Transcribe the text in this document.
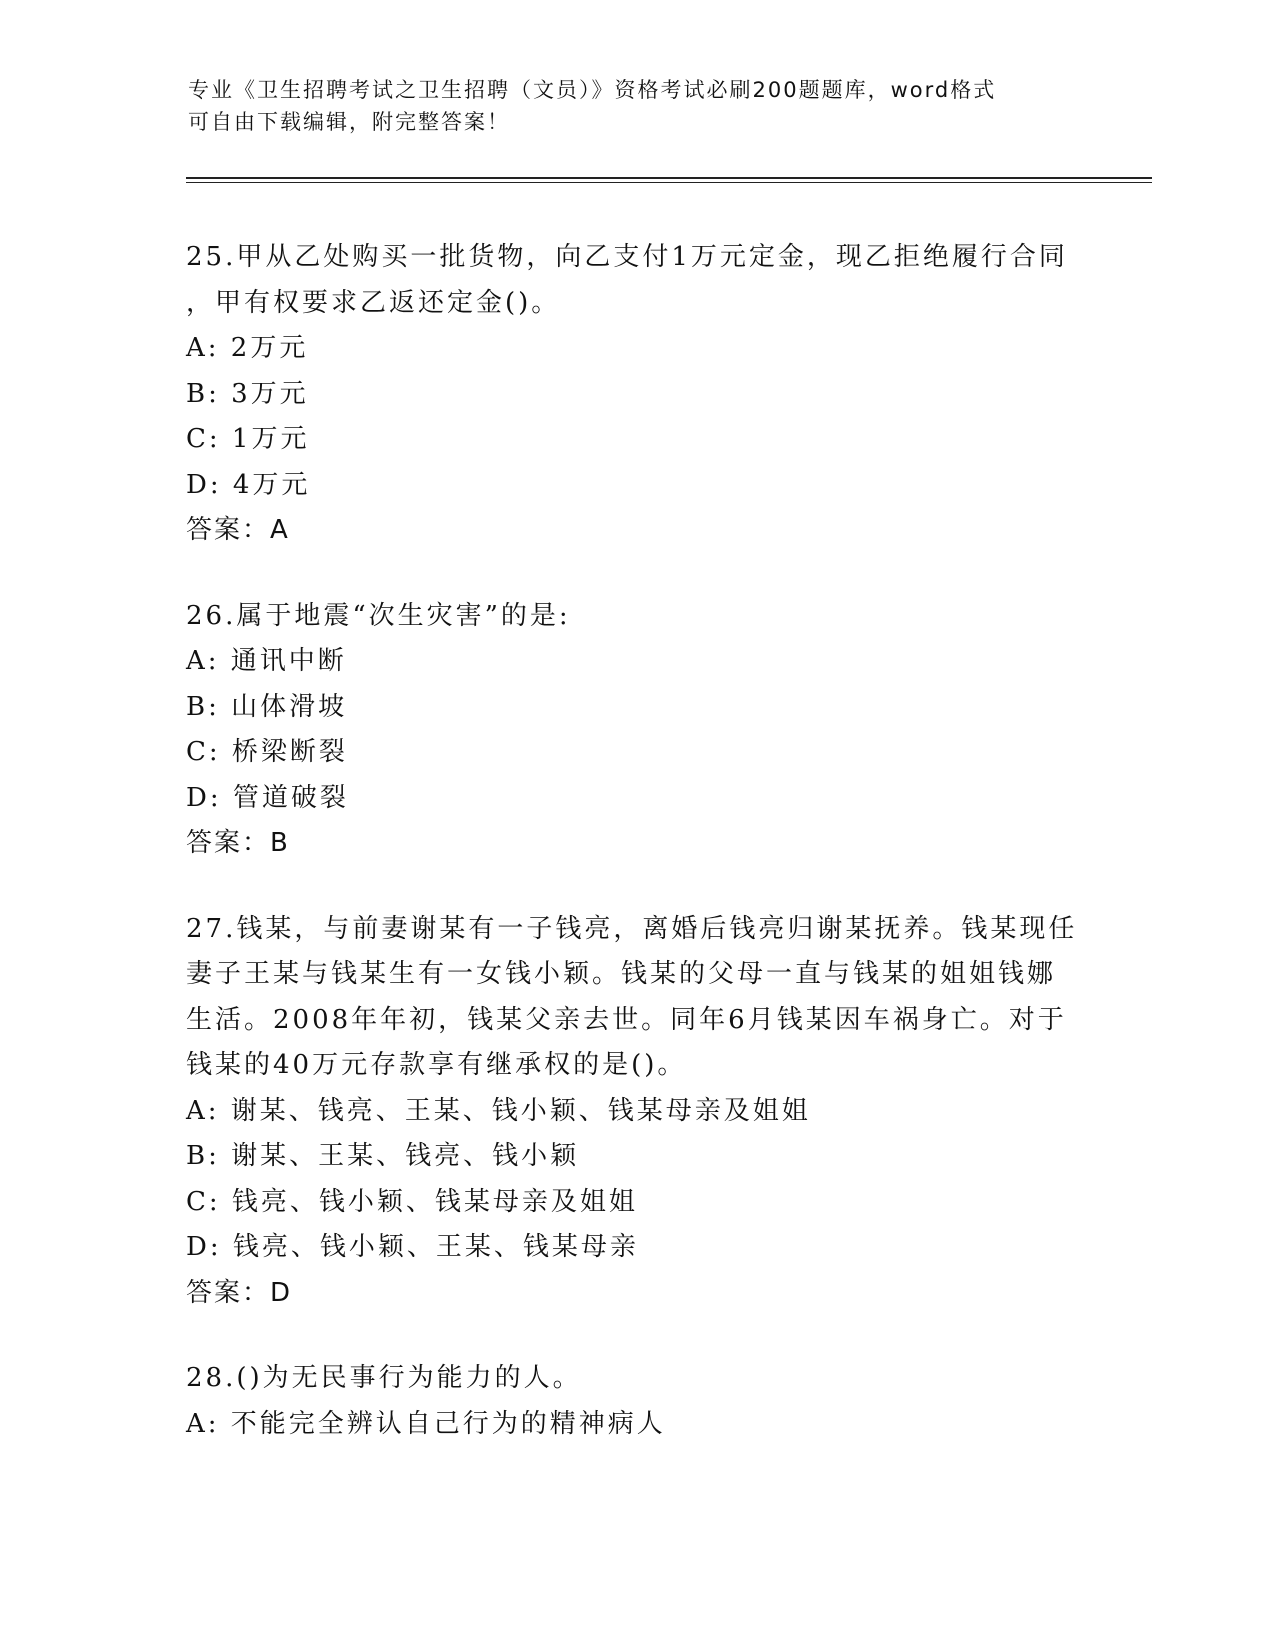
专业《卫生招聘考试之卫生招聘（文员）》资格考试必刷200题题库，word格式
可自由下载编辑，附完整答案！
25.甲从乙处购买一批货物，向乙支付1万元定金，现乙拒绝履行合同
，甲有权要求乙返还定金()。
A: 2万元
B: 3万元
C: 1万元
D: 4万元
答案：A
26.属于地震“次生灾害”的是:
A: 通讯中断
B: 山体滑坡
C: 桥梁断裂
D: 管道破裂
答案：B
27.钱某，与前妻谢某有一子钱亮，离婚后钱亮归谢某抚养。钱某现任
妻子王某与钱某生有一女钱小颖。钱某的父母一直与钱某的姐姐钱娜
生活。2008年年初，钱某父亲去世。同年6月钱某因车祸身亡。对于
钱某的40万元存款享有继承权的是()。
A: 谢某、钱亮、王某、钱小颖、钱某母亲及姐姐
B: 谢某、王某、钱亮、钱小颖
C: 钱亮、钱小颖、钱某母亲及姐姐
D: 钱亮、钱小颖、王某、钱某母亲
答案：D
28.()为无民事行为能力的人。
A: 不能完全辨认自己行为的精神病人
